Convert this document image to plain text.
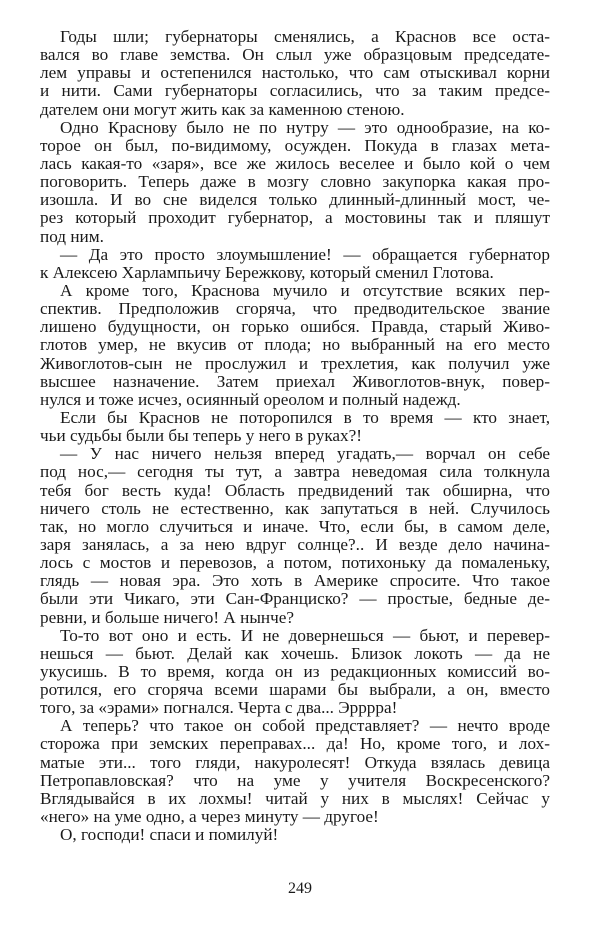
Годы шли; губернаторы сменялись, а Краснов все оста-
вался во главе земства. Он слыл уже образцовым председате-
лем управы и остепенился настолько, что сам отыскивал корни
и нити. Сами губернаторы согласились, что за таким предсе-
дателем они могут жить как за каменною стеною.
Одно Краснову было не по нутру — это однообразие, на ко-
торое он был, по-видимому, осужден. Покуда в глазах мета-
лась какая-то «заря», все же жилось веселее и было кой о чем
поговорить. Теперь даже в мозгу словно закупорка какая про-
изошла. И во сне виделся только длинный-длинный мост, че-
рез который проходит губернатор, а мостовины так и пляшут
под ним.
— Да это просто злоумышление! — обращается губернатор
к Алексею Харлампьичу Бережкову, который сменил Глотова.
А кроме того, Краснова мучило и отсутствие всяких пер-
спектив. Предположив сгоряча, что предводительское звание
лишено будущности, он горько ошибся. Правда, старый Живо-
глотов умер, не вкусив от плода; но выбранный на его место
Живоглотов-сын не прослужил и трехлетия, как получил уже
высшее назначение. Затем приехал Живоглотов-внук, повер-
нулся и тоже исчез, осиянный ореолом и полный надежд.
Если бы Краснов не поторопился в то время — кто знает,
чьи судьбы были бы теперь у него в руках?!
— У нас ничего нельзя вперед угадать,— ворчал он себе
под нос,— сегодня ты тут, а завтра неведомая сила толкнула
тебя бог весть куда! Область предвидений так обширна, что
ничего столь не естественно, как запутаться в ней. Случилось
так, но могло случиться и иначе. Что, если бы, в самом деле,
заря занялась, а за нею вдруг солнце?.. И везде дело начина-
лось с мостов и перевозов, а потом, потихоньку да помаленьку,
глядь — новая эра. Это хоть в Америке спросите. Что такое
были эти Чикаго, эти Сан-Франциско? — простые, бедные де-
ревни, и больше ничего! А нынче?
То-то вот оно и есть. И не довернешься — бьют, и перевер-
нешься — бьют. Делай как хочешь. Близок локоть — да не
укусишь. В то время, когда он из редакционных комиссий во-
ротился, его сгоряча всеми шарами бы выбрали, а он, вместо
того, за «эрами» погнался. Черта с два... Эрррра!
А теперь? что такое он собой представляет? — нечто вроде
сторожа при земских переправах... да! Но, кроме того, и лох-
матые эти... того гляди, накуролесят! Откуда взялась девица
Петропавловская? что на уме у учителя Воскресенского?
Вглядывайся в их лохмы! читай у них в мыслях! Сейчас у
«него» на уме одно, а через минуту — другое!
О, господи! спаси и помилуй!
249
